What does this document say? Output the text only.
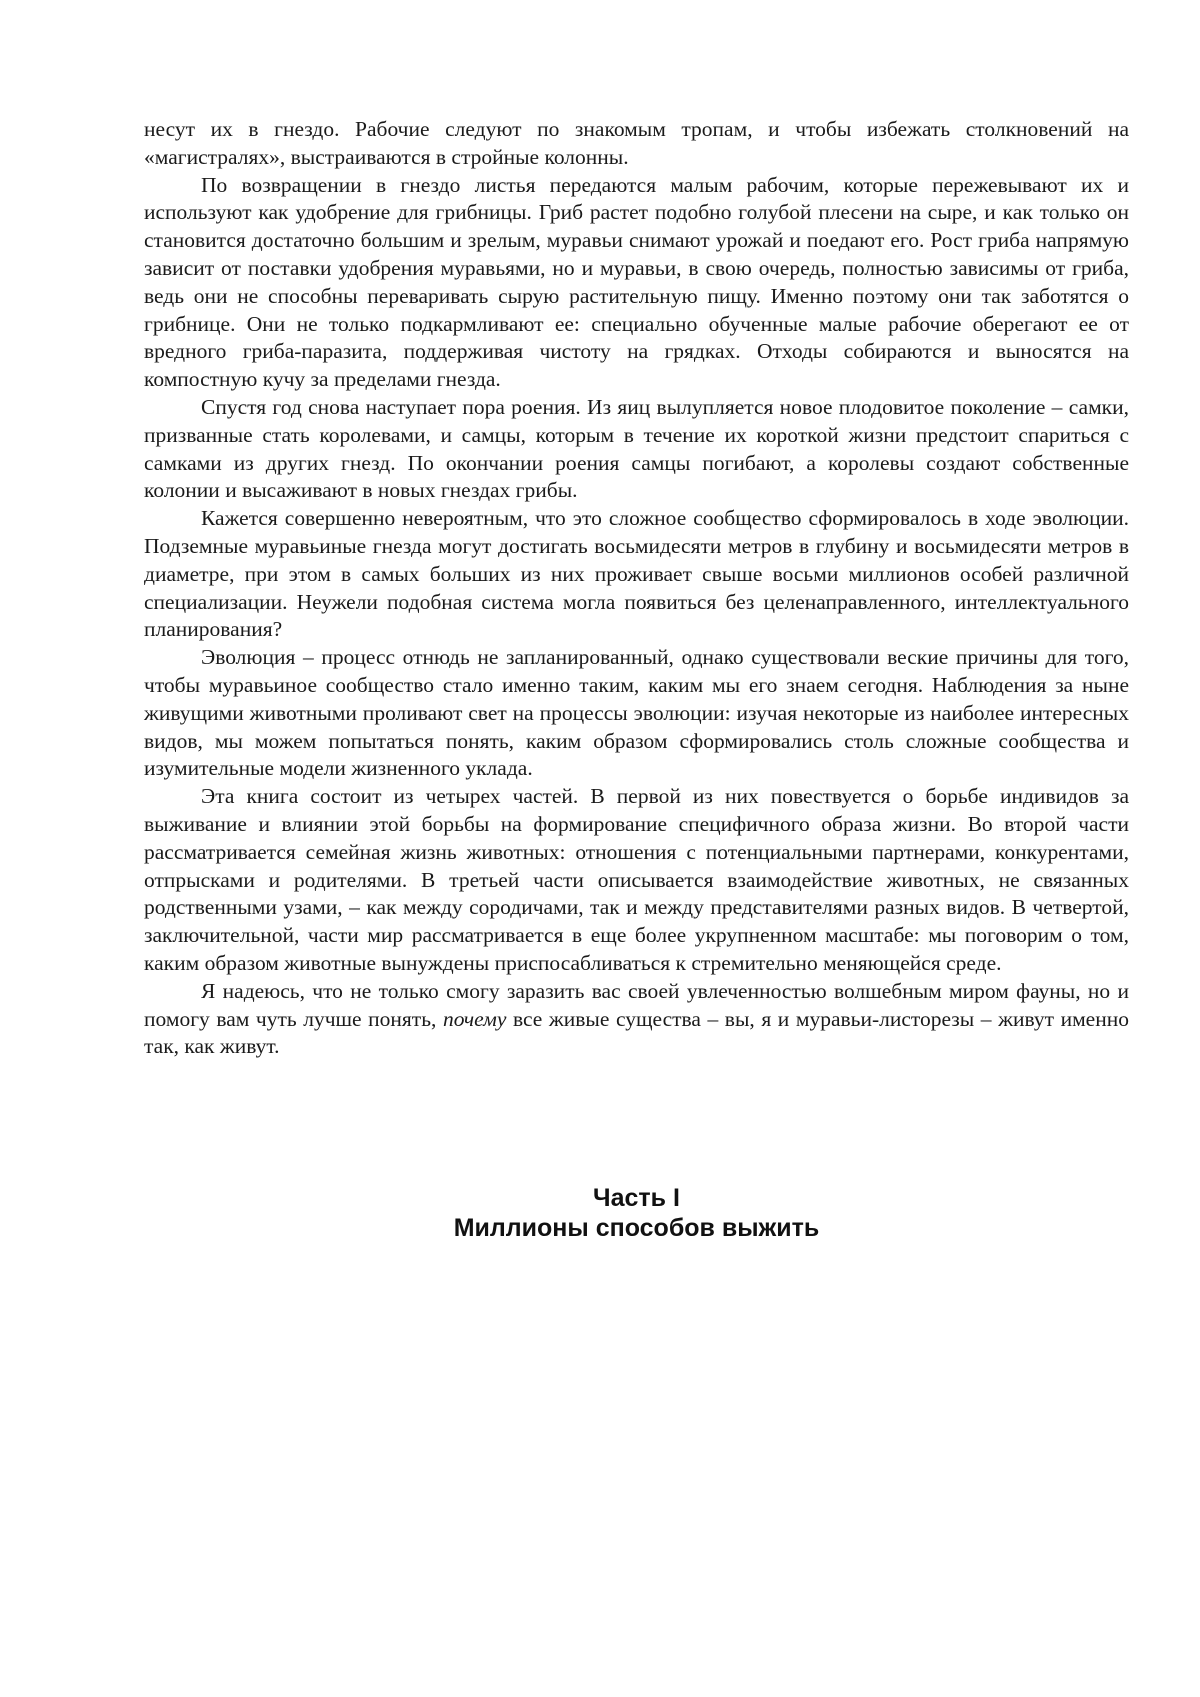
несут их в гнездо. Рабочие следуют по знакомым тропам, и чтобы избежать столкновений на «магистралях», выстраиваются в стройные колонны.

По возвращении в гнездо листья передаются малым рабочим, которые пережевывают их и используют как удобрение для грибницы. Гриб растет подобно голубой плесени на сыре, и как только он становится достаточно большим и зрелым, муравьи снимают урожай и поедают его. Рост гриба напрямую зависит от поставки удобрения муравьями, но и муравьи, в свою очередь, полностью зависимы от гриба, ведь они не способны переваривать сырую растительную пищу. Именно поэтому они так заботятся о грибнице. Они не только подкармливают ее: специально обученные малые рабочие оберегают ее от вредного гриба-паразита, поддерживая чистоту на грядках. Отходы собираются и выносятся на компостную кучу за пределами гнезда.

Спустя год снова наступает пора роения. Из яиц вылупляется новое плодовитое поколение – самки, призванные стать королевами, и самцы, которым в течение их короткой жизни предстоит спариться с самками из других гнезд. По окончании роения самцы погибают, а королевы создают собственные колонии и высаживают в новых гнездах грибы.

Кажется совершенно невероятным, что это сложное сообщество сформировалось в ходе эволюции. Подземные муравьиные гнезда могут достигать восьмидесяти метров в глубину и восьмидесяти метров в диаметре, при этом в самых больших из них проживает свыше восьми миллионов особей различной специализации. Неужели подобная система могла появиться без целенаправленного, интеллектуального планирования?

Эволюция – процесс отнюдь не запланированный, однако существовали веские причины для того, чтобы муравьиное сообщество стало именно таким, каким мы его знаем сегодня. Наблюдения за ныне живущими животными проливают свет на процессы эволюции: изучая некоторые из наиболее интересных видов, мы можем попытаться понять, каким образом сформировались столь сложные сообщества и изумительные модели жизненного уклада.

Эта книга состоит из четырех частей. В первой из них повествуется о борьбе индивидов за выживание и влиянии этой борьбы на формирование специфичного образа жизни. Во второй части рассматривается семейная жизнь животных: отношения с потенциальными партнерами, конкурентами, отпрысками и родителями. В третьей части описывается взаимодействие животных, не связанных родственными узами, – как между сородичами, так и между представителями разных видов. В четвертой, заключительной, части мир рассматривается в еще более укрупненном масштабе: мы поговорим о том, каким образом животные вынуждены приспосабливаться к стремительно меняющейся среде.

Я надеюсь, что не только смогу заразить вас своей увлеченностью волшебным миром фауны, но и помогу вам чуть лучше понять, почему все живые существа – вы, я и муравьи-листорезы – живут именно так, как живут.

Часть I
Миллионы способов выжить
